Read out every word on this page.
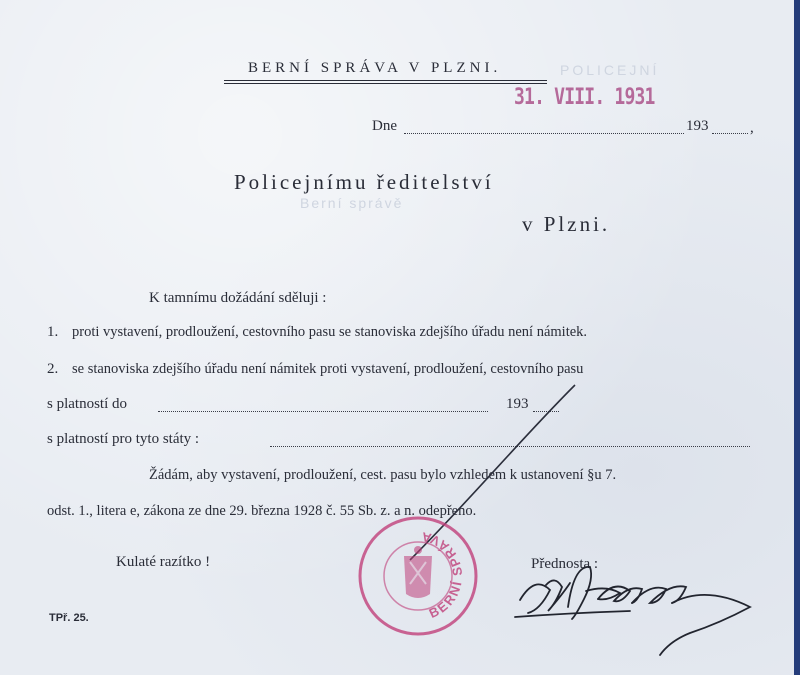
POLICEJNÍ
Berní správě
BERNÍ SPRÁVA V PLZNI.
31. VIII. 1931
Dne	193	,
Policejnímu ředitelství
v Plzni.
K tamnímu dožádání sděluji :
1. proti vystavení, prodloužení, cestovního pasu se stanoviska zdejšího úřadu není námitek.
2. se stanoviska zdejšího úřadu není námitek proti vystavení, prodloužení, cestovního pasu
s platností do	193
s platností pro tyto státy :
Žádám, aby vystavení, prodloužení, cest. pasu bylo vzhledem k ustanovení §u 7.
odst. 1., litera e, zákona ze dne 29. března 1928 č. 55 Sb. z. a n. odepřeno.
Kulaté razítko !	Přednosta :
TPř. 25.	BERNÍ SPRÁVA
